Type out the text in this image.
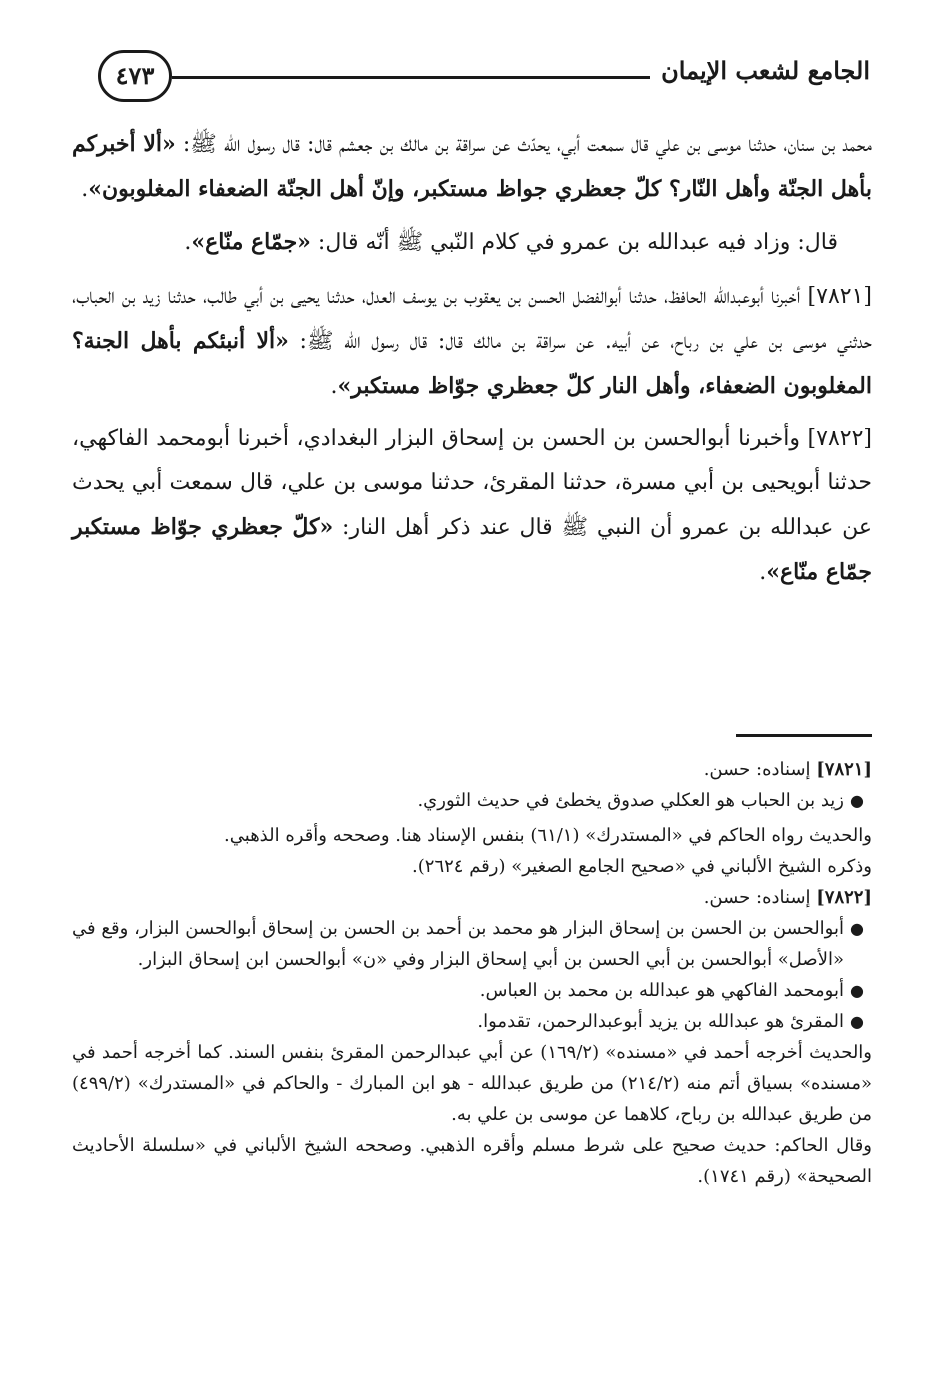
الجامع لشعب الإيمان
٤٧٣

محمد بن سنان، حدثنا موسى بن علي قال سمعت أبي، يحدّث عن سراقة بن مالك بن جعشم قال: قال رسول الله ﷺ: «ألا أخبركم بأهل الجنّة وأهل النّار؟ كلّ جعظري جواظ مستكبر، وإنّ أهل الجنّة الضعفاء المغلوبون».

قال: وزاد فيه عبدالله بن عمرو في كلام النّبي ﷺ أنّه قال: «جمّاع منّاع».

[٧٨٢١] أخبرنا أبوعبدالله الحافظ، حدثنا أبوالفضل الحسن بن يعقوب بن يوسف العدل، حدثنا يحيى بن أبي طالب، حدثنا زيد بن الحباب، حدثني موسى بن علي بن رباح، عن أبيه. عن سراقة بن مالك قال: قال رسول الله ﷺ: «ألا أنبئكم بأهل الجنة؟ المغلوبون الضعفاء، وأهل النار كلّ جعظري جوّاظ مستكبر».

[٧٨٢٢] وأخبرنا أبوالحسن بن الحسن بن إسحاق البزار البغدادي، أخبرنا أبومحمد الفاكهي، حدثنا أبويحيى بن أبي مسرة، حدثنا المقرئ، حدثنا موسى بن علي، قال سمعت أبي يحدث عن عبدالله بن عمرو أن النبي ﷺ قال عند ذكر أهل النار: «كلّ جعظري جوّاظ مستكبر جمّاع منّاع».

[٧٨٢١] إسناده: حسن.
●
زيد بن الحباب هو العكلي صدوق يخطئ في حديث الثوري.
والحديث رواه الحاكم في «المستدرك» (٦١/١) بنفس الإسناد هنا. وصححه وأقره الذهبي.
وذكره الشيخ الألباني في «صحيح الجامع الصغير» (رقم ٢٦٢٤).
[٧٨٢٢] إسناده: حسن.
●
أبوالحسن بن الحسن بن إسحاق البزار هو محمد بن أحمد بن الحسن بن إسحاق أبوالحسن البزار، وقع في «الأصل» أبوالحسن بن أبي الحسن بن أبي إسحاق البزار وفي «ن» أبوالحسن ابن إسحاق البزار.
●
أبومحمد الفاكهي هو عبدالله بن محمد بن العباس.
●
المقرئ هو عبدالله بن يزيد أبوعبدالرحمن، تقدموا.
والحديث أخرجه أحمد في «مسنده» (١٦٩/٢) عن أبي عبدالرحمن المقرئ بنفس السند. كما أخرجه أحمد في «مسنده» بسياق أتم منه (٢١٤/٢) من طريق عبدالله - هو ابن المبارك - والحاكم في «المستدرك» (٤٩٩/٢) من طريق عبدالله بن رباح، كلاهما عن موسى بن علي به.
وقال الحاكم: حديث صحيح على شرط مسلم وأقره الذهبي. وصححه الشيخ الألباني في «سلسلة الأحاديث الصحيحة» (رقم ١٧٤١).
